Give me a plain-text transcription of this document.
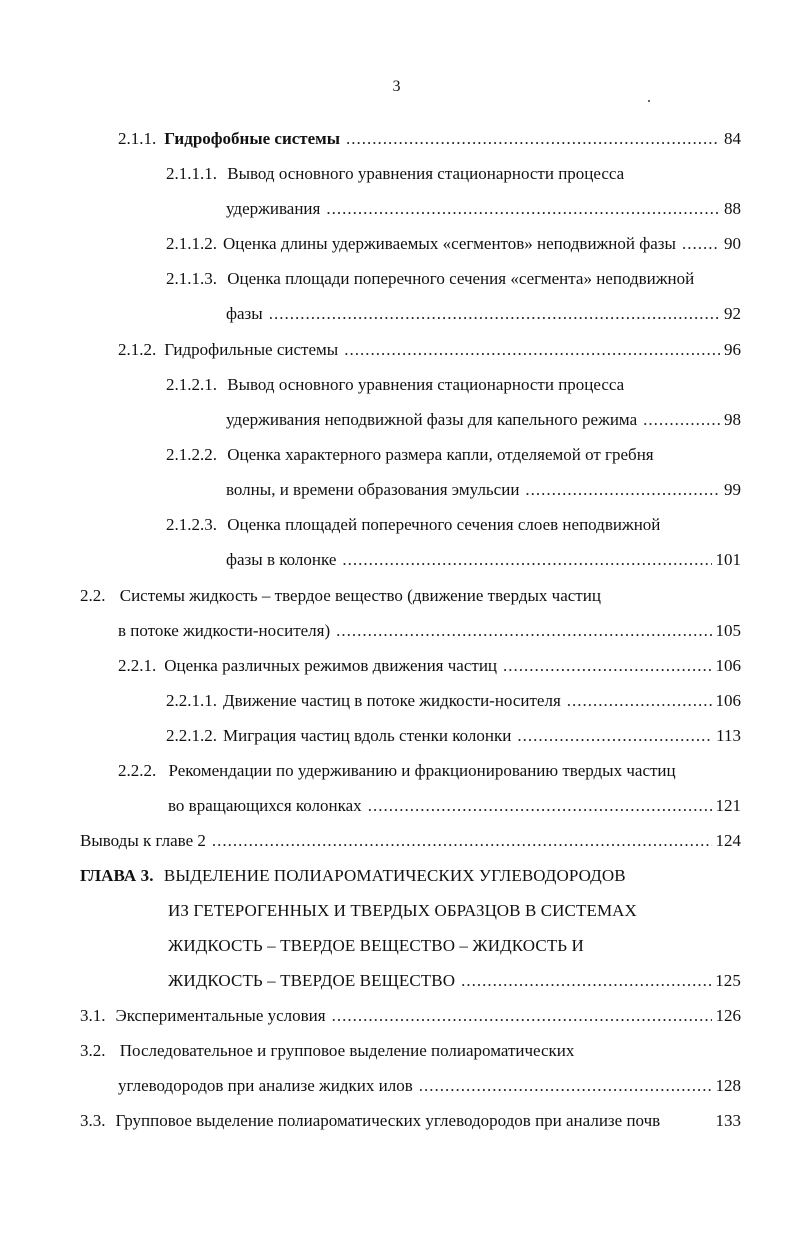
3
2.1.1. Гидрофобные системы .....	84
2.1.1.1. Вывод основного уравнения стационарности процесса
удерживания .....	88
2.1.1.2. Оценка длины удерживаемых «сегментов» неподвижной фазы .....	90
2.1.1.3. Оценка площади поперечного сечения «сегмента» неподвижной
фазы .....	92
2.1.2. Гидрофильные системы .....	96
2.1.2.1. Вывод основного уравнения стационарности процесса
удерживания неподвижной фазы для капельного режима .....	98
2.1.2.2. Оценка характерного размера капли, отделяемой от гребня
волны, и времени образования эмульсии .....	99
2.1.2.3. Оценка площадей поперечного сечения слоев неподвижной
фазы в колонке .....	101
2.2. Системы жидкость – твердое вещество (движение твердых частиц
в потоке жидкости-носителя) .....	105
2.2.1. Оценка различных режимов движения частиц .....	106
2.2.1.1. Движение частиц в потоке жидкости-носителя .....	106
2.2.1.2. Миграция частиц вдоль стенки колонки .....	113
2.2.2. Рекомендации по удерживанию и фракционированию твердых частиц
во вращающихся колонках .....	121
Выводы к главе 2 .....	124
ГЛАВА 3. ВЫДЕЛЕНИЕ ПОЛИАРОМАТИЧЕСКИХ УГЛЕВОДОРОДОВ
ИЗ ГЕТЕРОГЕННЫХ И ТВЕРДЫХ ОБРАЗЦОВ В СИСТЕМАХ
ЖИДКОСТЬ – ТВЕРДОЕ ВЕЩЕСТВО – ЖИДКОСТЬ И
ЖИДКОСТЬ – ТВЕРДОЕ ВЕЩЕСТВО .....	125
3.1. Экспериментальные условия .....	126
3.2. Последовательное и групповое выделение полиароматических
углеводородов при анализе жидких илов .....	128
3.3. Групповое выделение полиароматических углеводородов при анализе почв	133
